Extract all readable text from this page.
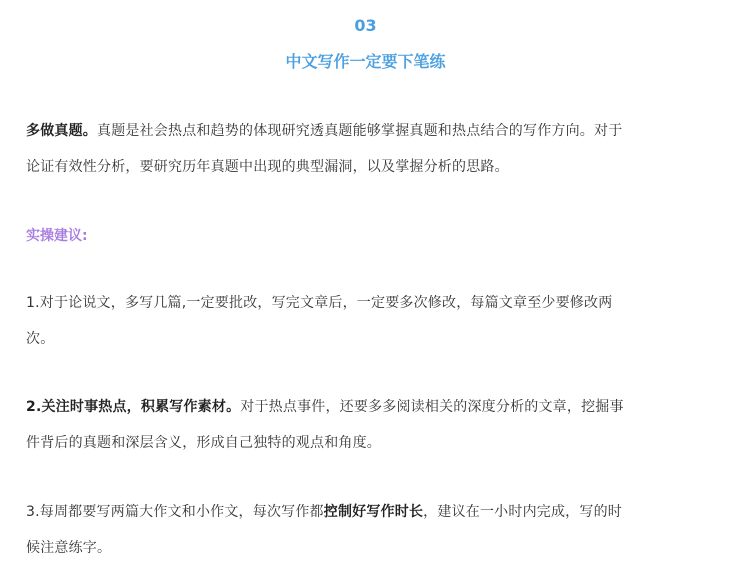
03
中文写作一定要下笔练

多做真题。真题是社会热点和趋势的体现研究透真题能够掌握真题和热点结合的写作方向。对于
论证有效性分析，要研究历年真题中出现的典型漏洞，以及掌握分析的思路。

实操建议:

1.对于论说文，多写几篇,一定要批改，写完文章后，一定要多次修改，每篇文章至少要修改两
次。

2.关注时事热点，积累写作素材。对于热点事件，还要多多阅读相关的深度分析的文章，挖掘事
件背后的真题和深层含义，形成自己独特的观点和角度。

3.每周都要写两篇大作文和小作文，每次写作都控制好写作时长，建议在一小时内完成，写的时
候注意练字。
